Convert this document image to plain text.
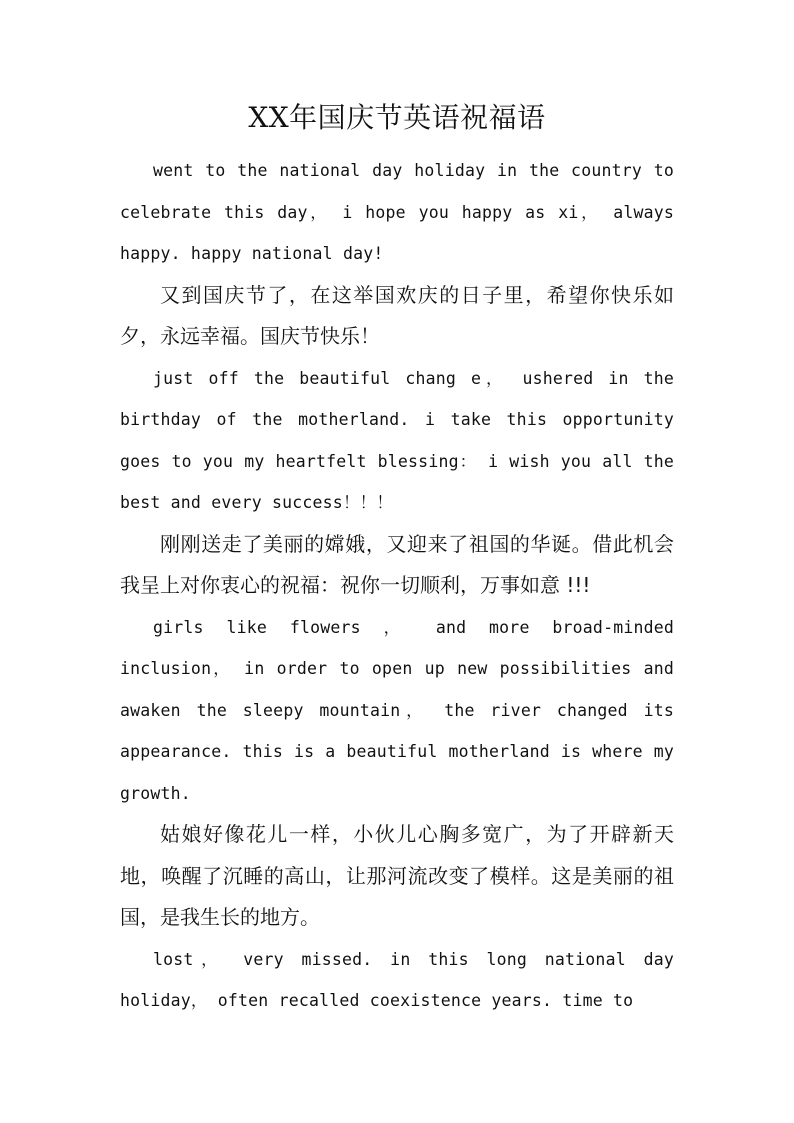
XX年国庆节英语祝福语

went to the national day holiday in the country to celebrate this day， i hope you happy as xi， always happy. happy national day!

又到国庆节了，在这举国欢庆的日子里，希望你快乐如夕，永远幸福。国庆节快乐！

just off the beautiful chang e， ushered in the birthday of the motherland. i take this opportunity goes to you my heartfelt blessing： i wish you all the best and every success！！！

刚刚送走了美丽的嫦娥，又迎来了祖国的华诞。借此机会我呈上对你衷心的祝福：祝你一切顺利，万事如意 !!!

girls like flowers ， and more broad-minded inclusion， in order to open up new possibilities and awaken the sleepy mountain， the river changed its appearance. this is a beautiful motherland is where my growth.

姑娘好像花儿一样，小伙儿心胸多宽广，为了开辟新天地，唤醒了沉睡的高山，让那河流改变了模样。这是美丽的祖国，是我生长的地方。

lost， very missed. in this long national day holiday， often recalled coexistence years. time to
